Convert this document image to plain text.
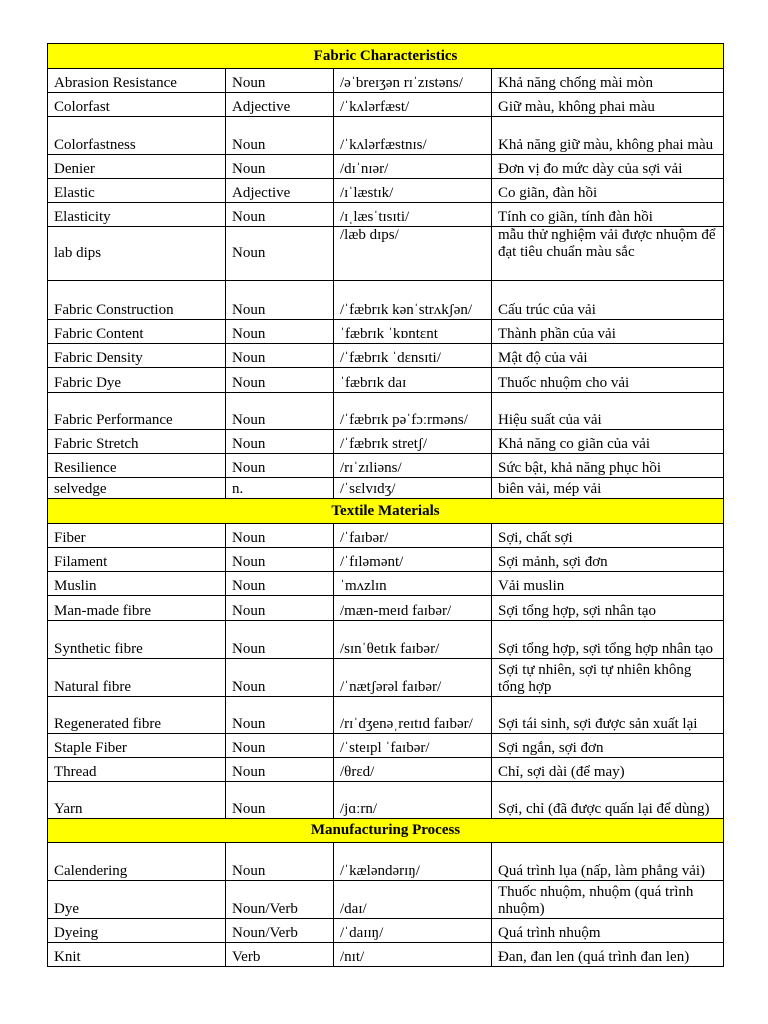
Fabric Characteristics			
Abrasion Resistance	Noun	/əˈbreɪʒən rɪˈzɪstəns/	Khả năng chống mài mòn
Colorfast	Adjective	/ˈkʌlərfæst/	Giữ màu, không phai màu
Colorfastness	Noun	/ˈkʌlərfæstnɪs/	Khả năng giữ màu, không phai màu
Denier	Noun	/dɪˈnɪər/	Đơn vị đo mức dày của sợi vải
Elastic	Adjective	/ɪˈlæstɪk/	Co giãn, đàn hồi
Elasticity	Noun	/ɪˌlæsˈtɪsɪti/	Tính co giãn, tính đàn hồi
lab dips	Noun	/læb dɪps/	mẫu thử nghiệm vải được nhuộm để đạt tiêu chuẩn màu sắc
Fabric Construction	Noun	/ˈfæbrɪk kənˈstrʌkʃən/	Cấu trúc của vải
Fabric Content	Noun	ˈfæbrɪk ˈkɒntɛnt	Thành phần của vải
Fabric Density	Noun	/ˈfæbrɪk ˈdɛnsɪti/	Mật độ của vải
Fabric Dye	Noun	ˈfæbrɪk daɪ	Thuốc nhuộm cho vải
Fabric Performance	Noun	/ˈfæbrɪk pəˈfɔːrməns/	Hiệu suất của vải
Fabric Stretch	Noun	/ˈfæbrɪk stretʃ/	Khả năng co giãn của vải
Resilience	Noun	/rɪˈzɪliəns/	Sức bật, khả năng phục hồi
selvedge	n.	/ˈsɛlvɪdʒ/	biên vải, mép vải
Textile Materials			
Fiber	Noun	/ˈfaɪbər/	Sợi, chất sợi
Filament	Noun	/ˈfɪləmənt/	Sợi mảnh, sợi đơn
Muslin	Noun	ˈmʌzlɪn	Vải muslin
Man-made fibre	Noun	/mæn-meɪd faɪbər/	Sợi tổng hợp, sợi nhân tạo
Synthetic fibre	Noun	/sɪnˈθetɪk faɪbər/	Sợi tổng hợp, sợi tổng hợp nhân tạo
Natural fibre	Noun	/ˈnætʃərəl faɪbər/	Sợi tự nhiên, sợi tự nhiên không tổng hợp
Regenerated fibre	Noun	/rɪˈdʒenəˌreɪtɪd faɪbər/	Sợi tái sinh, sợi được sản xuất lại
Staple Fiber	Noun	/ˈsteɪpl ˈfaɪbər/	Sợi ngắn, sợi đơn
Thread	Noun	/θrɛd/	Chỉ, sợi dài (để may)
Yarn	Noun	/jɑːrn/	Sợi, chỉ (đã được quấn lại để dùng)
Manufacturing Process			
Calendering	Noun	/ˈkæləndərɪŋ/	Quá trình lụa (nấp, làm phẳng vải)
Dye	Noun/Verb	/daɪ/	Thuốc nhuộm, nhuộm (quá trình nhuộm)
Dyeing	Noun/Verb	/ˈdaɪɪŋ/	Quá trình nhuộm
Knit	Verb	/nɪt/	Đan, đan len (quá trình đan len)
